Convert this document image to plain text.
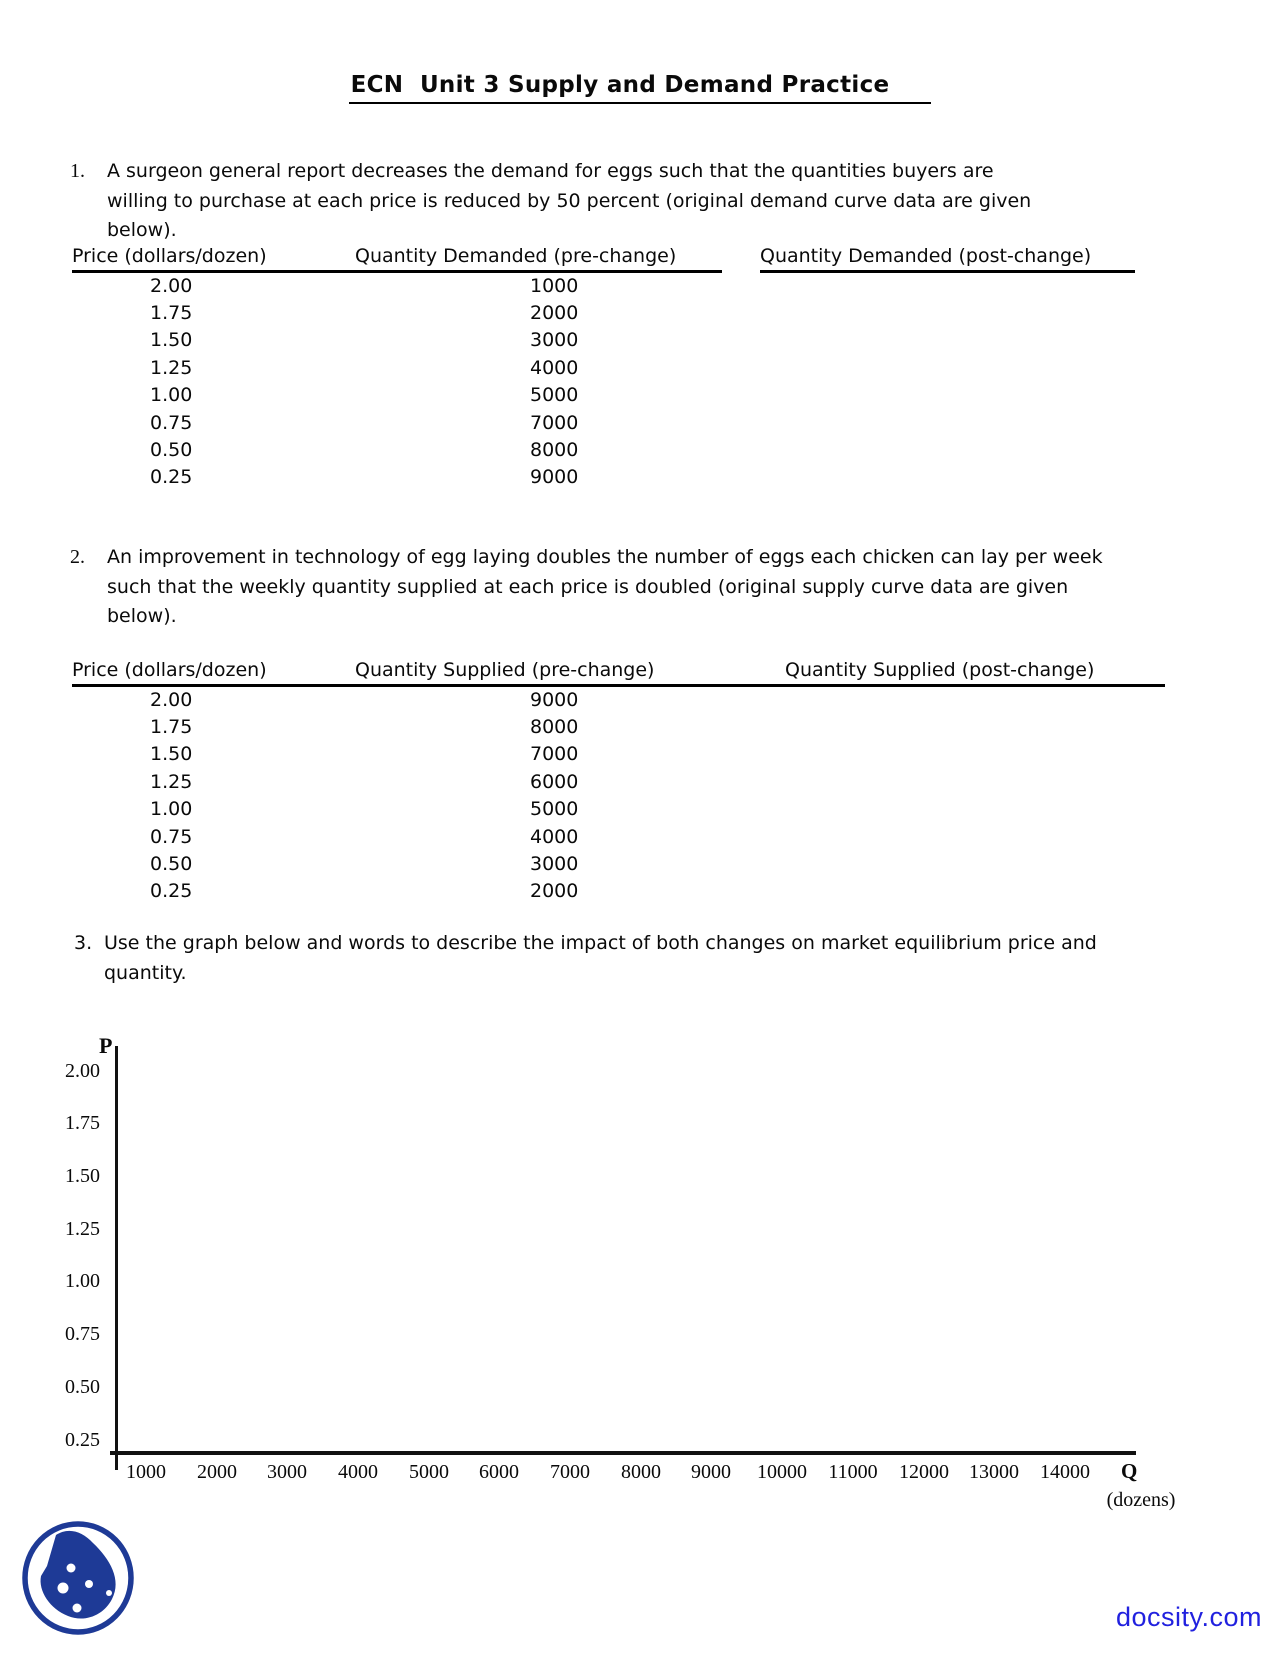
ECN  Unit 3 Supply and Demand Practice
1.	A surgeon general report decreases the demand for eggs such that the quantities buyers are willing to purchase at each price is reduced by 50 percent (original demand curve data are given below).
Price (dollars/dozen)	Quantity Demanded (pre-change)	Quantity Demanded (post-change)
2.00	1000
1.75	2000
1.50	3000
1.25	4000
1.00	5000
0.75	7000
0.50	8000
0.25	9000
2.	An improvement in technology of egg laying doubles the number of eggs each chicken can lay per week such that the weekly quantity supplied at each price is doubled (original supply curve data are given below).
Price (dollars/dozen)	Quantity Supplied (pre-change)	Quantity Supplied (post-change)
2.00	9000
1.75	8000
1.50	7000
1.25	6000
1.00	5000
0.75	4000
0.50	3000
0.25	2000
3. Use the graph below and words to describe the impact of both changes on market equilibrium price and quantity.
P
2.00
1.75
1.50
1.25
1.00
0.75
0.50
0.25
1000	2000	3000	4000	5000	6000	7000	8000	9000	10000	11000	12000	13000	14000	Q
(dozens)
docsity.com
